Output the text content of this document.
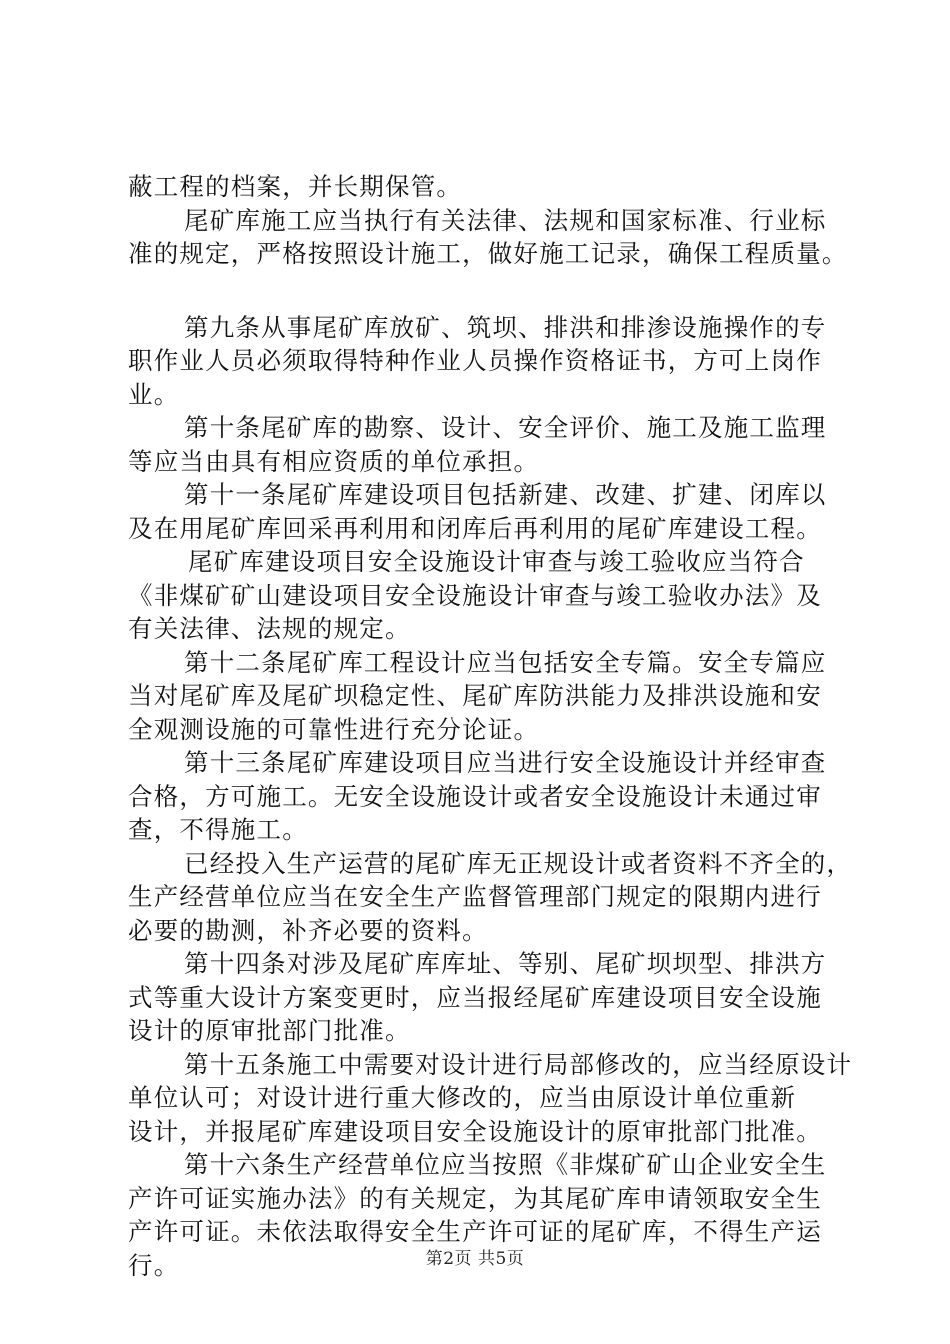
蔽工程的档案，并长期保管。

尾矿库施工应当执行有关法律、法规和国家标准、行业标
准的规定，严格按照设计施工，做好施工记录，确保工程质量。

第九条从事尾矿库放矿、筑坝、排洪和排渗设施操作的专
职作业人员必须取得特种作业人员操作资格证书，方可上岗作
业。

第十条尾矿库的勘察、设计、安全评价、施工及施工监理
等应当由具有相应资质的单位承担。

第十一条尾矿库建设项目包括新建、改建、扩建、闭库以
及在用尾矿库回采再利用和闭库后再利用的尾矿库建设工程。

尾矿库建设项目安全设施设计审查与竣工验收应当符合
《非煤矿矿山建设项目安全设施设计审查与竣工验收办法》及
有关法律、法规的规定。

第十二条尾矿库工程设计应当包括安全专篇。安全专篇应
当对尾矿库及尾矿坝稳定性、尾矿库防洪能力及排洪设施和安
全观测设施的可靠性进行充分论证。

第十三条尾矿库建设项目应当进行安全设施设计并经审查
合格，方可施工。无安全设施设计或者安全设施设计未通过审
查，不得施工。

已经投入生产运营的尾矿库无正规设计或者资料不齐全的，
生产经营单位应当在安全生产监督管理部门规定的限期内进行
必要的勘测，补齐必要的资料。

第十四条对涉及尾矿库库址、等别、尾矿坝坝型、排洪方
式等重大设计方案变更时，应当报经尾矿库建设项目安全设施
设计的原审批部门批准。

第十五条施工中需要对设计进行局部修改的，应当经原设计
单位认可；对设计进行重大修改的，应当由原设计单位重新
设计，并报尾矿库建设项目安全设施设计的原审批部门批准。

第十六条生产经营单位应当按照《非煤矿矿山企业安全生
产许可证实施办法》的有关规定，为其尾矿库申请领取安全生
产许可证。未依法取得安全生产许可证的尾矿库，不得生产运
行。	第2页 共5页
